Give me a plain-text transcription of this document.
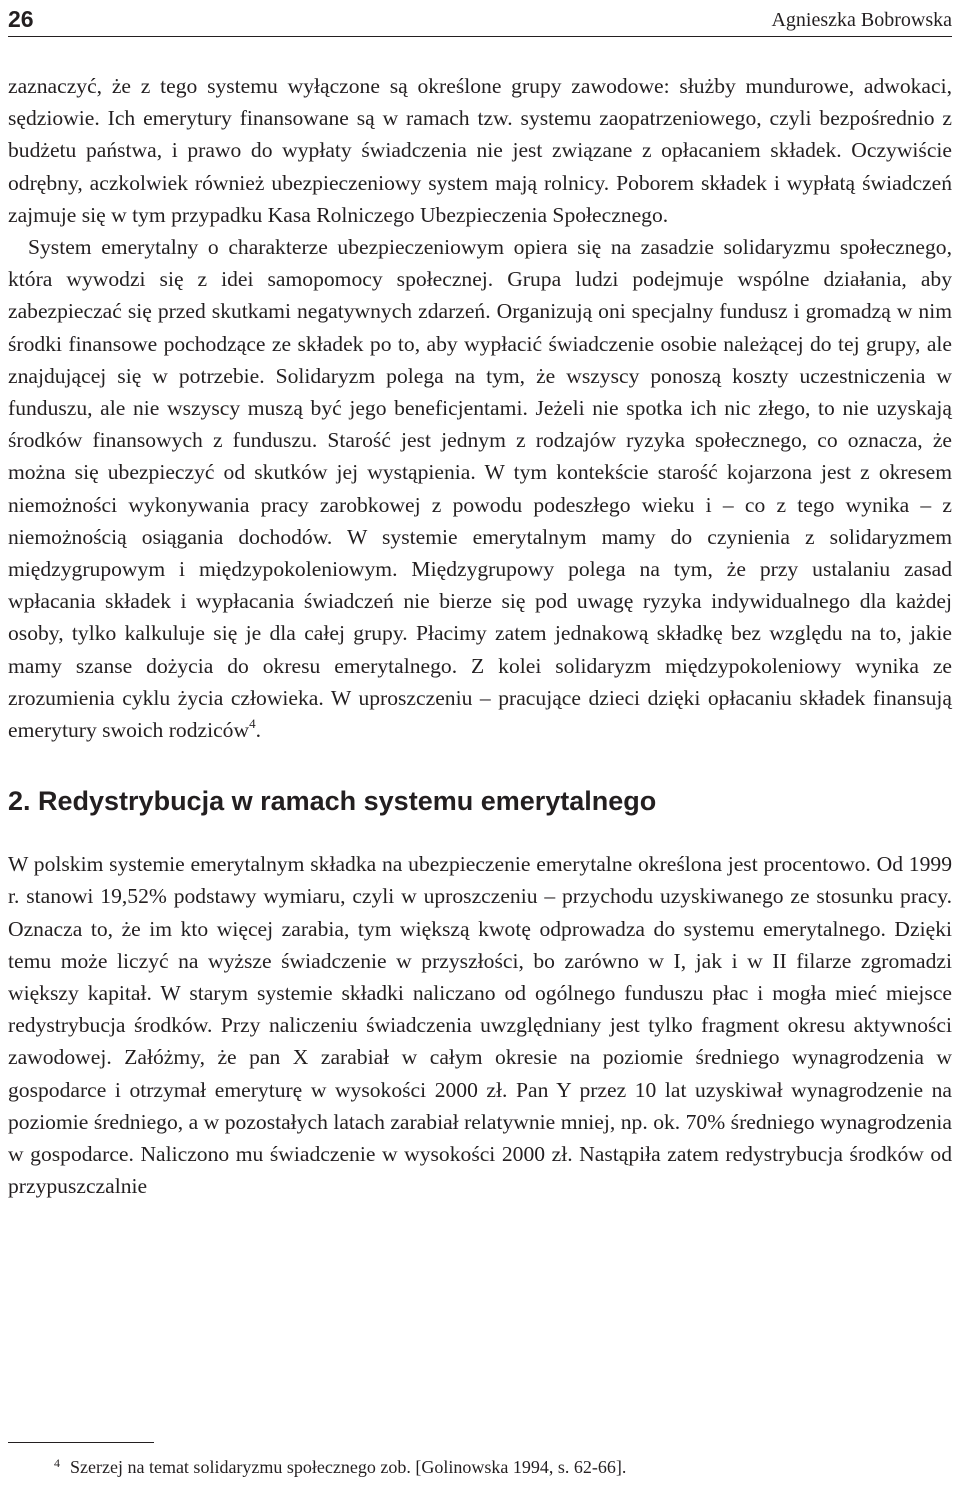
26	Agnieszka Bobrowska

zaznaczyć, że z tego systemu wyłączone są określone grupy zawodowe: służby mundurowe, adwokaci, sędziowie. Ich emerytury finansowane są w ramach tzw. systemu zaopatrzeniowego, czyli bezpośrednio z budżetu państwa, i prawo do wypłaty świadczenia nie jest związane z opłacaniem składek. Oczywiście odrębny, aczkolwiek również ubezpieczeniowy system mają rolnicy. Poborem składek i wypłatą świadczeń zajmuje się w tym przypadku Kasa Rolniczego Ubezpieczenia Społecznego.

System emerytalny o charakterze ubezpieczeniowym opiera się na zasadzie solidaryzmu społecznego, która wywodzi się z idei samopomocy społecznej. Grupa ludzi podejmuje wspólne działania, aby zabezpieczać się przed skutkami negatywnych zdarzeń. Organizują oni specjalny fundusz i gromadzą w nim środki finansowe pochodzące ze składek po to, aby wypłacić świadczenie osobie należącej do tej grupy, ale znajdującej się w potrzebie. Solidaryzm polega na tym, że wszyscy ponoszą koszty uczestniczenia w funduszu, ale nie wszyscy muszą być jego beneficjentami. Jeżeli nie spotka ich nic złego, to nie uzyskają środków finansowych z funduszu. Starość jest jednym z rodzajów ryzyka społecznego, co oznacza, że można się ubezpieczyć od skutków jej wystąpienia. W tym kontekście starość kojarzona jest z okresem niemożności wykonywania pracy zarobkowej z powodu podeszłego wieku i – co z tego wynika – z niemożnością osiągania dochodów. W systemie emerytalnym mamy do czynienia z solidaryzmem międzygrupowym i międzypokoleniowym. Międzygrupowy polega na tym, że przy ustalaniu zasad wpłacania składek i wypłacania świadczeń nie bierze się pod uwagę ryzyka indywidualnego dla każdej osoby, tylko kalkuluje się je dla całej grupy. Płacimy zatem jednakową składkę bez względu na to, jakie mamy szanse dożycia do okresu emerytalnego. Z kolei solidaryzm międzypokoleniowy wynika ze zrozumienia cyklu życia człowieka. W uproszczeniu – pracujące dzieci dzięki opłacaniu składek finansują emerytury swoich rodziców$^4$.

2. Redystrybucja w ramach systemu emerytalnego

W polskim systemie emerytalnym składka na ubezpieczenie emerytalne określona jest procentowo. Od 1999 r. stanowi 19,52% podstawy wymiaru, czyli w uproszczeniu – przychodu uzyskiwanego ze stosunku pracy. Oznacza to, że im kto więcej zarabia, tym większą kwotę odprowadza do systemu emerytalnego. Dzięki temu może liczyć na wyższe świadczenie w przyszłości, bo zarówno w I, jak i w II filarze zgromadzi większy kapitał. W starym systemie składki naliczano od ogólnego funduszu płac i mogła mieć miejsce redystrybucja środków. Przy naliczeniu świadczenia uwzględniany jest tylko fragment okresu aktywności zawodowej. Załóżmy, że pan X zarabiał w całym okresie na poziomie średniego wynagrodzenia w gospodarce i otrzymał emeryturę w wysokości 2000 zł. Pan Y przez 10 lat uzyskiwał wynagrodzenie na poziomie średniego, a w pozostałych latach zarabiał relatywnie mniej, np. ok. 70% średniego wynagrodzenia w gospodarce. Naliczono mu świadczenie w wysokości 2000 zł. Nastąpiła zatem redystrybucja środków od przypuszczalnie

$^4$ Szerzej na temat solidaryzmu społecznego zob. [Golinowska 1994, s. 62-66].
